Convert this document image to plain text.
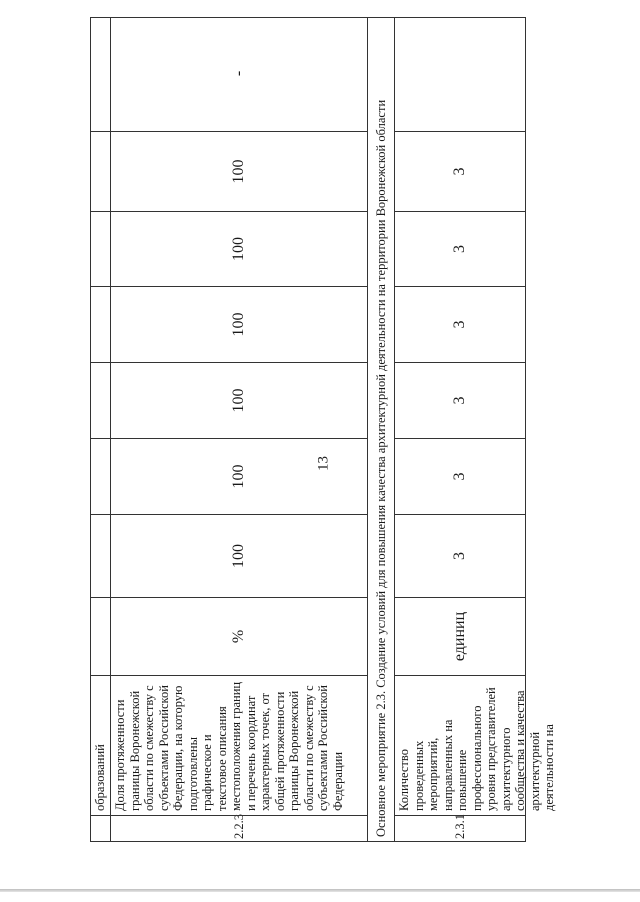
13
образований
2.2.3
Доля протяженности границы Воронежской области по смежеству с субъектами Российской Федерации, на которую подготовлены графическое и текстовое описания местоположения границ и перечень координат характерных точек, от общей протяженности границы Воронежской области по смежеству с субъектами Российской Федерации
%
100
100
100
100
100
100
-
Основное мероприятие 2.3. Создание условий для повышения качества архитектурной деятельности на территории Воронежской области	2.3.1
Количество проведенных мероприятий, направленных на повышение профессионального уровня представителей архитектурного сообщества и качества архитектурной деятельности на
единиц
3
3
3
3
3
3
